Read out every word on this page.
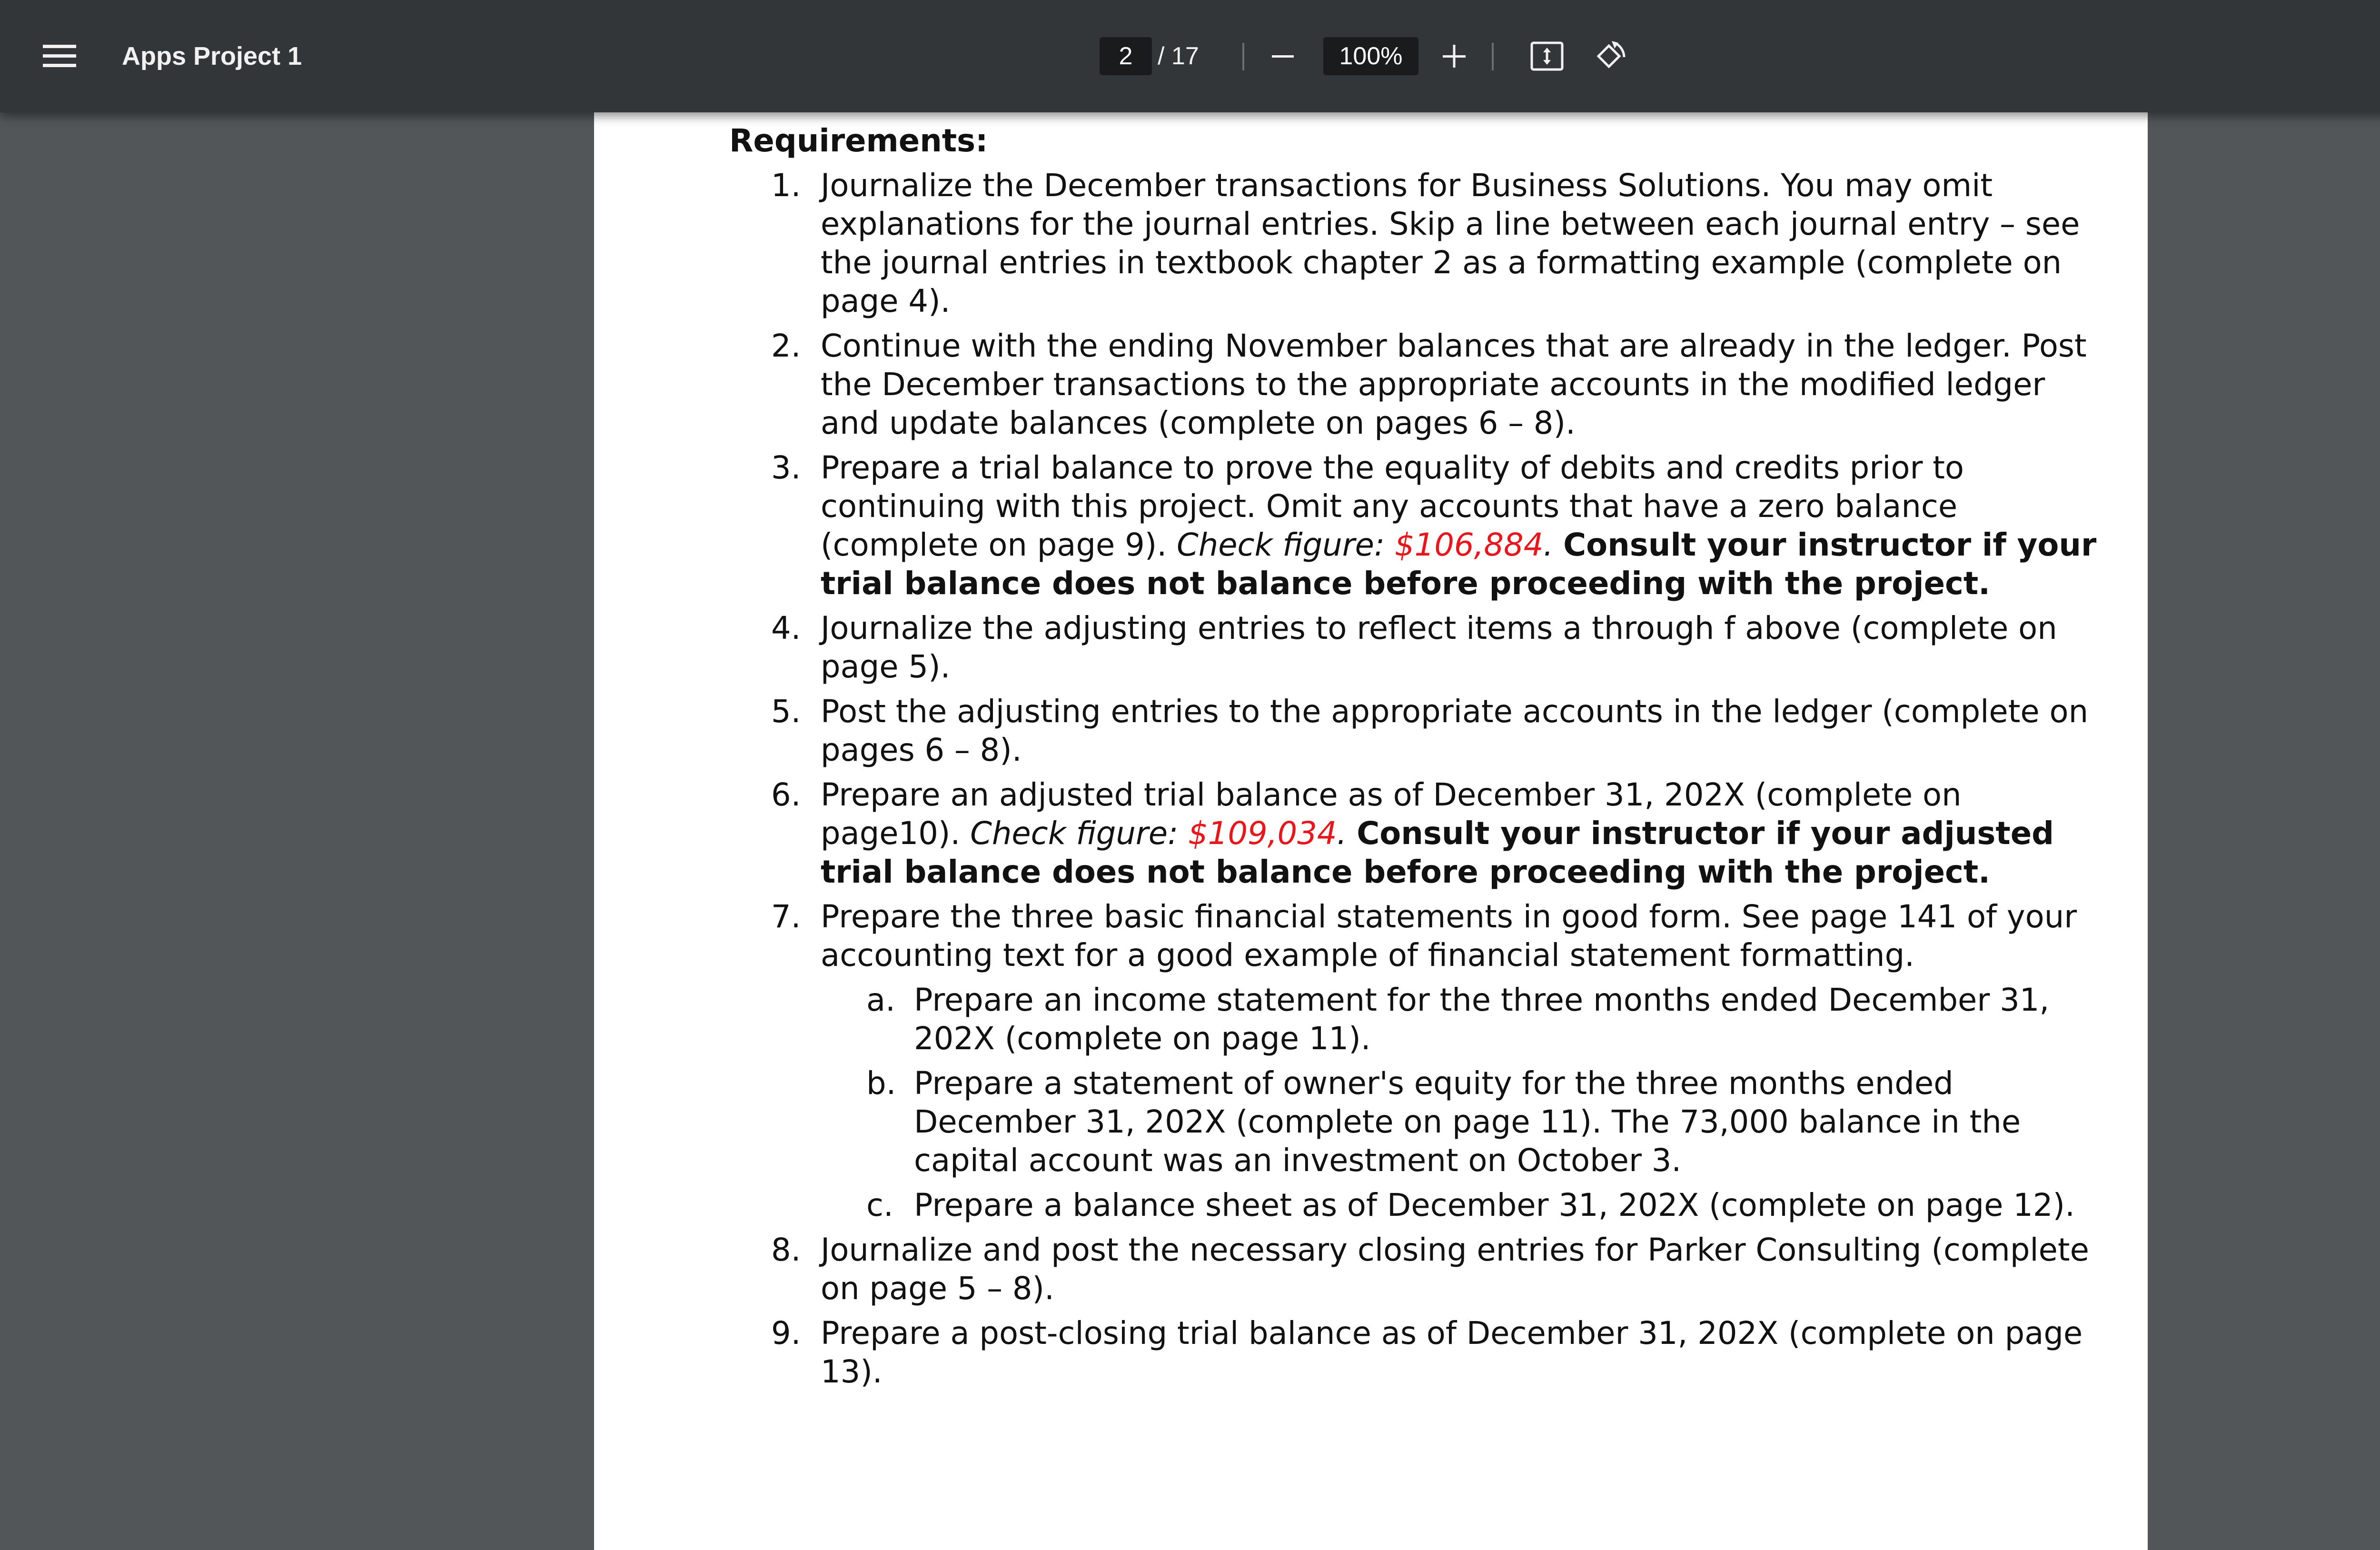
Apps Project 1	2	/ 17	100%
Requirements:
1. Journalize the December transactions for Business Solutions. You may omit explanations for the journal entries. Skip a line between each journal entry – see the journal entries in textbook chapter 2 as a formatting example (complete on page 4).
2. Continue with the ending November balances that are already in the ledger. Post the December transactions to the appropriate accounts in the modified ledger and update balances (complete on pages 6 – 8).
3. Prepare a trial balance to prove the equality of debits and credits prior to continuing with this project. Omit any accounts that have a zero balance (complete on page 9). Check figure: $106,884. Consult your instructor if your trial balance does not balance before proceeding with the project.
4. Journalize the adjusting entries to reflect items a through f above (complete on page 5).
5. Post the adjusting entries to the appropriate accounts in the ledger (complete on pages 6 – 8).
6. Prepare an adjusted trial balance as of December 31, 202X (complete on page10). Check figure: $109,034. Consult your instructor if your adjusted trial balance does not balance before proceeding with the project.
7. Prepare the three basic financial statements in good form. See page 141 of your accounting text for a good example of financial statement formatting.
a. Prepare an income statement for the three months ended December 31, 202X (complete on page 11).
b. Prepare a statement of owner's equity for the three months ended December 31, 202X (complete on page 11). The 73,000 balance in the capital account was an investment on October 3.
c. Prepare a balance sheet as of December 31, 202X (complete on page 12).
8. Journalize and post the necessary closing entries for Parker Consulting (complete on page 5 – 8).
9. Prepare a post-closing trial balance as of December 31, 202X (complete on page 13).
